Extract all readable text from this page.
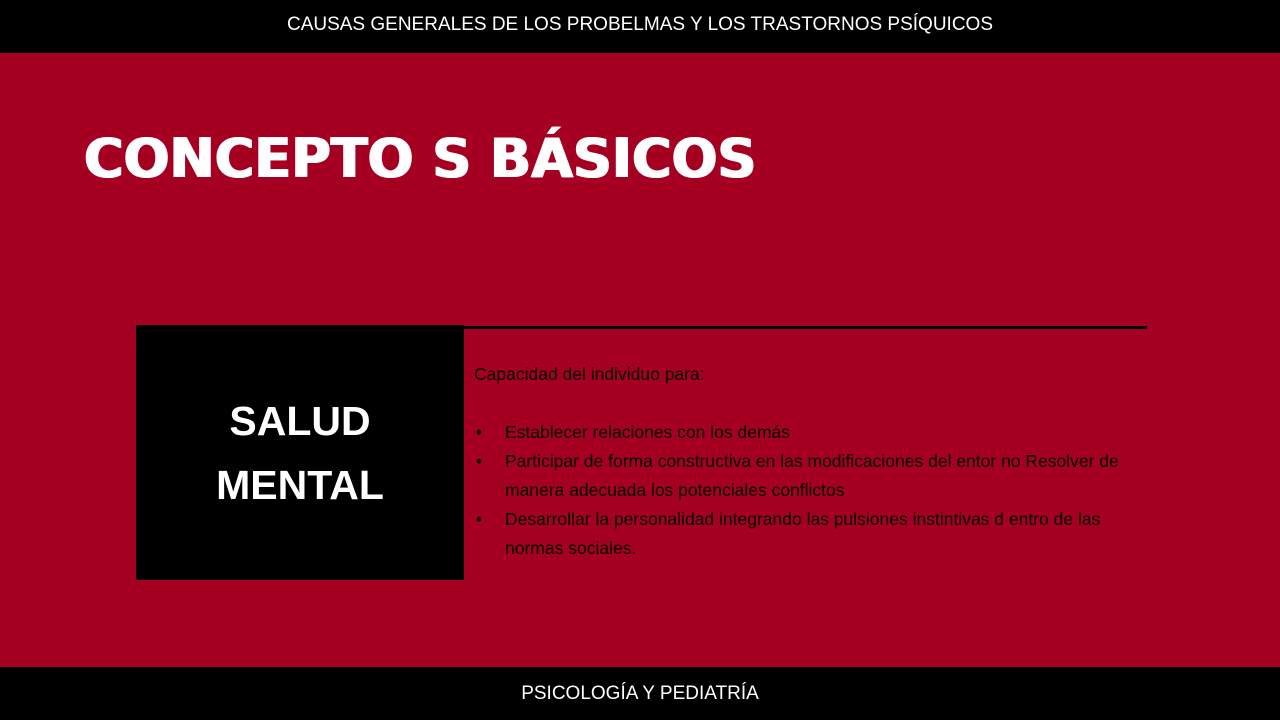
CAUSAS GENERALES DE LOS PROBELMAS Y LOS TRASTORNOS PSÍQUICOS
CONCEPTO S BÁSICOS
SALUD MENTAL

Capacidad del individuo para:

• Establecer relaciones con los demás
• Participar de forma constructiva en las modificaciones del entor no Resolver de manera adecuada los potenciales conflictos
• Desarrollar la personalidad integrando las pulsiones instintivas d entro de las normas sociales.
PSICOLOGÍA Y PEDIATRÍA
